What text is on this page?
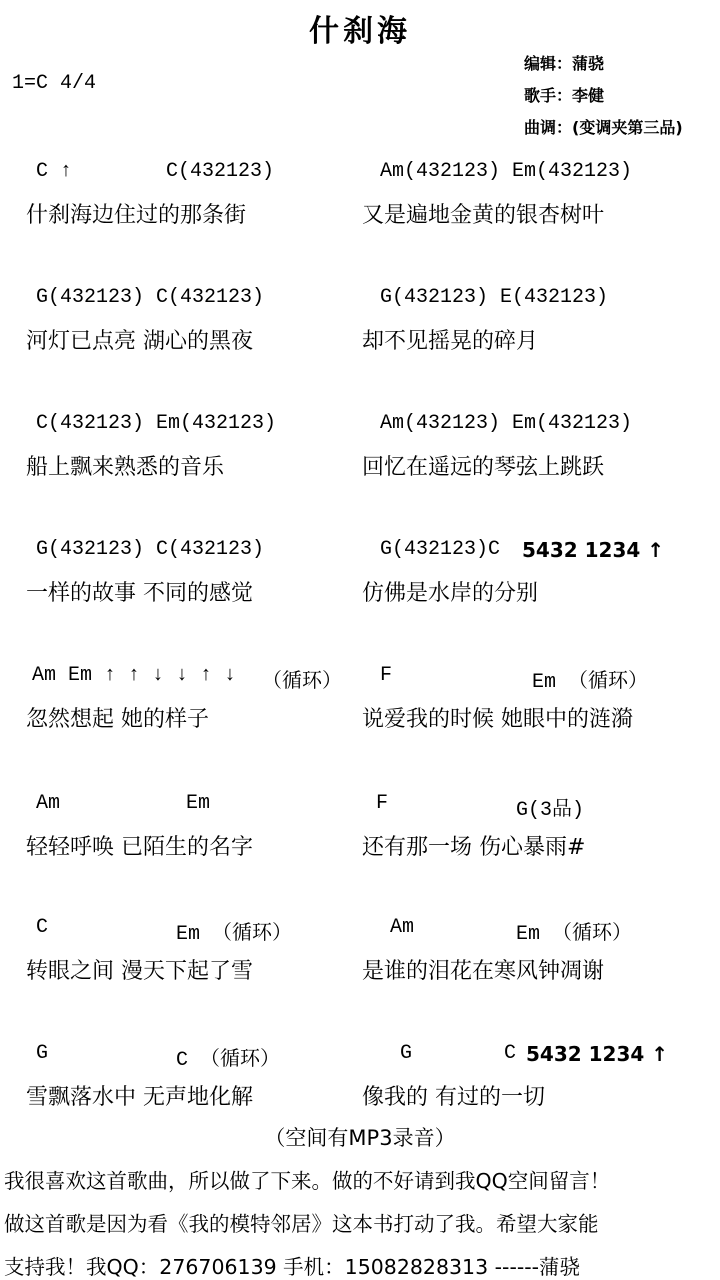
什刹海
1=C 4/4
编辑：蒲骁
歌手：李健
曲调：(变调夹第三品)
C ↑	C(432123)
什刹海边住过的那条街
Am(432123) Em(432123)
又是遍地金黄的银杏树叶
G(432123) C(432123)
河灯已点亮 湖心的黑夜
G(432123) E(432123)
却不见摇晃的碎月
C(432123) Em(432123)
船上飘来熟悉的音乐
Am(432123) Em(432123)
回忆在遥远的琴弦上跳跃
G(432123) C(432123)
一样的故事 不同的感觉
G(432123)C 5432 1234 ↑
仿佛是水岸的分别
Am Em ↑ ↑ ↓ ↓ ↑ ↓ （循环）
忽然想起 她的样子
F	Em （循环）
说爱我的时候 她眼中的涟漪
Am	Em
轻轻呼唤 已陌生的名字
F	G(3品)
还有那一场 伤心暴雨#
C	Em （循环）
转眼之间 漫天下起了雪
Am	Em （循环）
是谁的泪花在寒风钟凋谢
G	C （循环）
雪飘落水中 无声地化解
G	C 5432 1234 ↑
像我的 有过的一切
（空间有MP3录音）
我很喜欢这首歌曲，所以做了下来。做的不好请到我QQ空间留言！
做这首歌是因为看《我的模特邻居》这本书打动了我。希望大家能
支持我！我QQ：276706139 手机：15082828313 ------蒲骁
